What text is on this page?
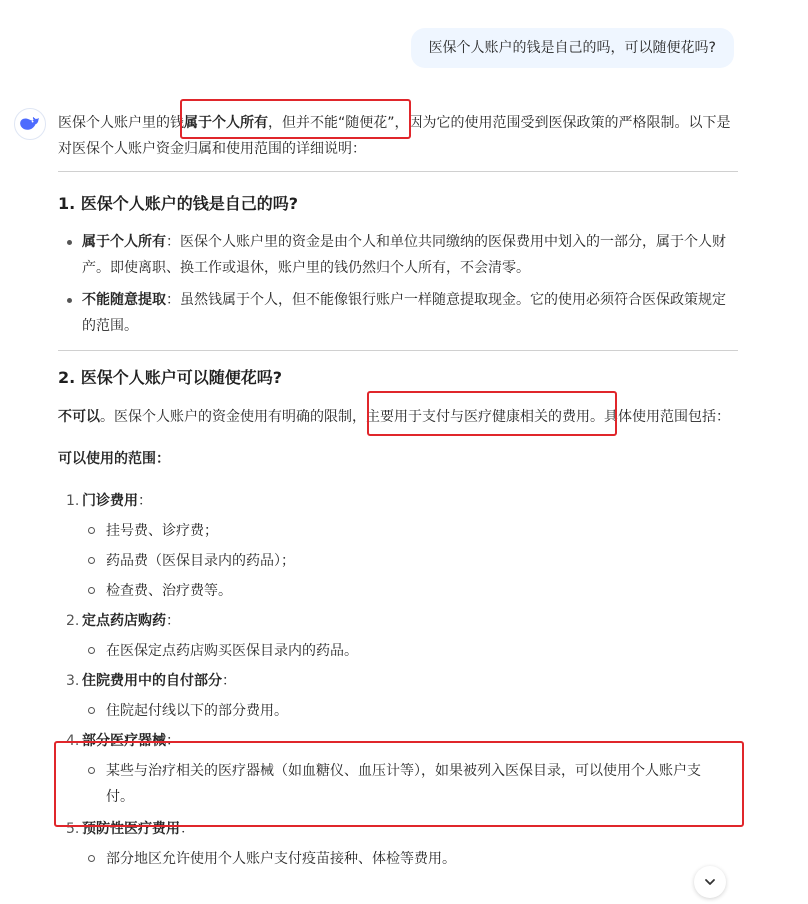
医保个人账户的钱是自己的吗，可以随便花吗?

医保个人账户里的钱属于个人所有，但并不能“随便花”，因为它的使用范围受到医保政策的严格限制。以下是对医保个人账户资金归属和使用范围的详细说明：

1. 医保个人账户的钱是自己的吗?
属于个人所有：医保个人账户里的资金是由个人和单位共同缴纳的医保费用中划入的一部分，属于个人财产。即使离职、换工作或退休，账户里的钱仍然归个人所有，不会清零。
不能随意提取：虽然钱属于个人，但不能像银行账户一样随意提取现金。它的使用必须符合医保政策规定的范围。
2. 医保个人账户可以随便花吗?

不可以。医保个人账户的资金使用有明确的限制，主要用于支付与医疗健康相关的费用。具体使用范围包括：

可以使用的范围：

1. 门诊费用：
挂号费、诊疗费；
药品费（医保目录内的药品）；
检查费、治疗费等。
2. 定点药店购药：
在医保定点药店购买医保目录内的药品。
3. 住院费用中的自付部分：
住院起付线以下的部分费用。
4. 部分医疗器械：
某些与治疗相关的医疗器械（如血糖仪、血压计等），如果被列入医保目录，可以使用个人账户支付。
5. 预防性医疗费用：
部分地区允许使用个人账户支付疫苗接种、体检等费用。
